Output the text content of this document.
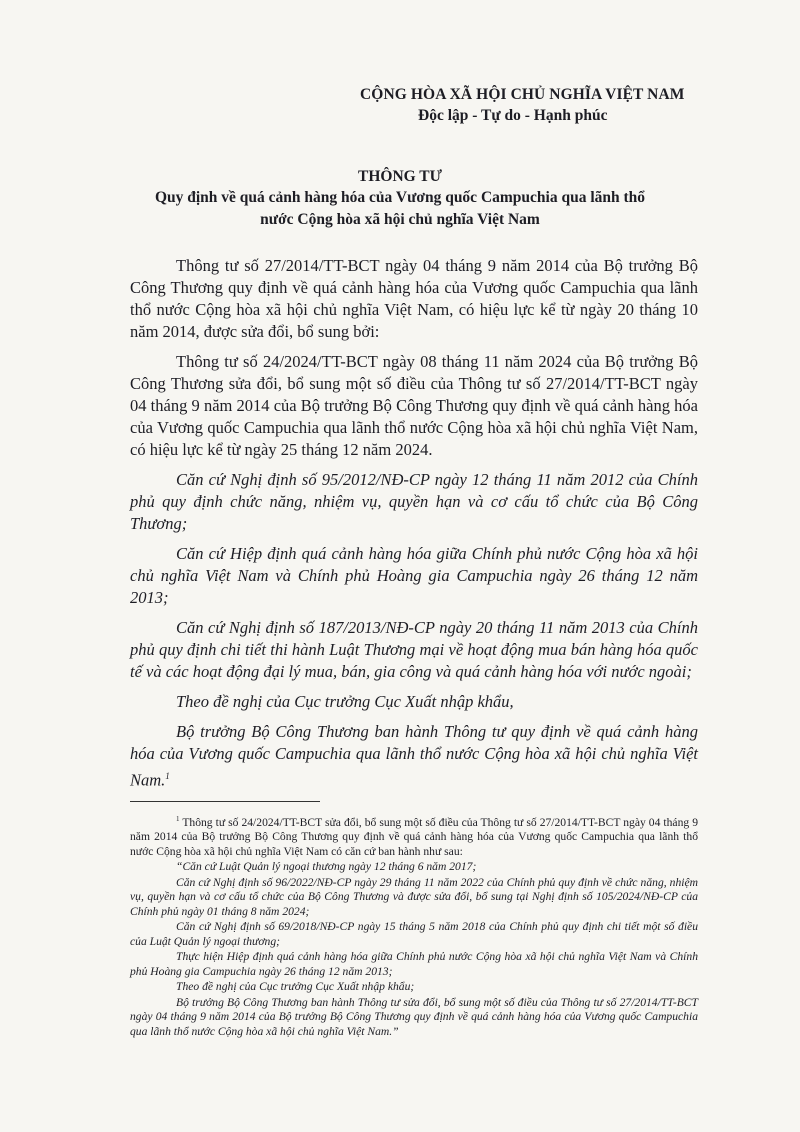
CỘNG HÒA XÃ HỘI CHỦ NGHĨA VIỆT NAM
Độc lập - Tự do - Hạnh phúc
THÔNG TƯ
Quy định về quá cảnh hàng hóa của Vương quốc Campuchia qua lãnh thổ
nước Cộng hòa xã hội chủ nghĩa Việt Nam

Thông tư số 27/2014/TT-BCT ngày 04 tháng 9 năm 2014 của Bộ trưởng Bộ Công Thương quy định về quá cảnh hàng hóa của Vương quốc Campuchia qua lãnh thổ nước Cộng hòa xã hội chủ nghĩa Việt Nam, có hiệu lực kể từ ngày 20 tháng 10 năm 2014, được sửa đổi, bổ sung bởi:

Thông tư số 24/2024/TT-BCT ngày 08 tháng 11 năm 2024 của Bộ trưởng Bộ Công Thương sửa đổi, bổ sung một số điều của Thông tư số 27/2014/TT-BCT ngày 04 tháng 9 năm 2014 của Bộ trưởng Bộ Công Thương quy định về quá cảnh hàng hóa của Vương quốc Campuchia qua lãnh thổ nước Cộng hòa xã hội chủ nghĩa Việt Nam, có hiệu lực kể từ ngày 25 tháng 12 năm 2024.

Căn cứ Nghị định số 95/2012/NĐ-CP ngày 12 tháng 11 năm 2012 của Chính phủ quy định chức năng, nhiệm vụ, quyền hạn và cơ cấu tổ chức của Bộ Công Thương;

Căn cứ Hiệp định quá cảnh hàng hóa giữa Chính phủ nước Cộng hòa xã hội chủ nghĩa Việt Nam và Chính phủ Hoàng gia Campuchia ngày 26 tháng 12 năm 2013;

Căn cứ Nghị định số 187/2013/NĐ-CP ngày 20 tháng 11 năm 2013 của Chính phủ quy định chi tiết thi hành Luật Thương mại về hoạt động mua bán hàng hóa quốc tế và các hoạt động đại lý mua, bán, gia công và quá cảnh hàng hóa với nước ngoài;

Theo đề nghị của Cục trưởng Cục Xuất nhập khẩu,

Bộ trưởng Bộ Công Thương ban hành Thông tư quy định về quá cảnh hàng hóa của Vương quốc Campuchia qua lãnh thổ nước Cộng hòa xã hội chủ nghĩa Việt Nam.$^1$

$^1$ Thông tư số 24/2024/TT-BCT sửa đổi, bổ sung một số điều của Thông tư số 27/2014/TT-BCT ngày 04 tháng 9 năm 2014 của Bộ trưởng Bộ Công Thương quy định về quá cảnh hàng hóa của Vương quốc Campuchia qua lãnh thổ nước Cộng hòa xã hội chủ nghĩa Việt Nam có căn cứ ban hành như sau:

“Căn cứ Luật Quản lý ngoại thương ngày 12 tháng 6 năm 2017;

Căn cứ Nghị định số 96/2022/NĐ-CP ngày 29 tháng 11 năm 2022 của Chính phủ quy định về chức năng, nhiệm vụ, quyền hạn và cơ cấu tổ chức của Bộ Công Thương và được sửa đổi, bổ sung tại Nghị định số 105/2024/NĐ-CP của Chính phủ ngày 01 tháng 8 năm 2024;

Căn cứ Nghị định số 69/2018/NĐ-CP ngày 15 tháng 5 năm 2018 của Chính phủ quy định chi tiết một số điều của Luật Quản lý ngoại thương;

Thực hiện Hiệp định quá cảnh hàng hóa giữa Chính phủ nước Cộng hòa xã hội chủ nghĩa Việt Nam và Chính phủ Hoàng gia Campuchia ngày 26 tháng 12 năm 2013;

Theo đề nghị của Cục trưởng Cục Xuất nhập khẩu;

Bộ trưởng Bộ Công Thương ban hành Thông tư sửa đổi, bổ sung một số điều của Thông tư số 27/2014/TT-BCT ngày 04 tháng 9 năm 2014 của Bộ trưởng Bộ Công Thương quy định về quá cảnh hàng hóa của Vương quốc Campuchia qua lãnh thổ nước Cộng hòa xã hội chủ nghĩa Việt Nam.”
